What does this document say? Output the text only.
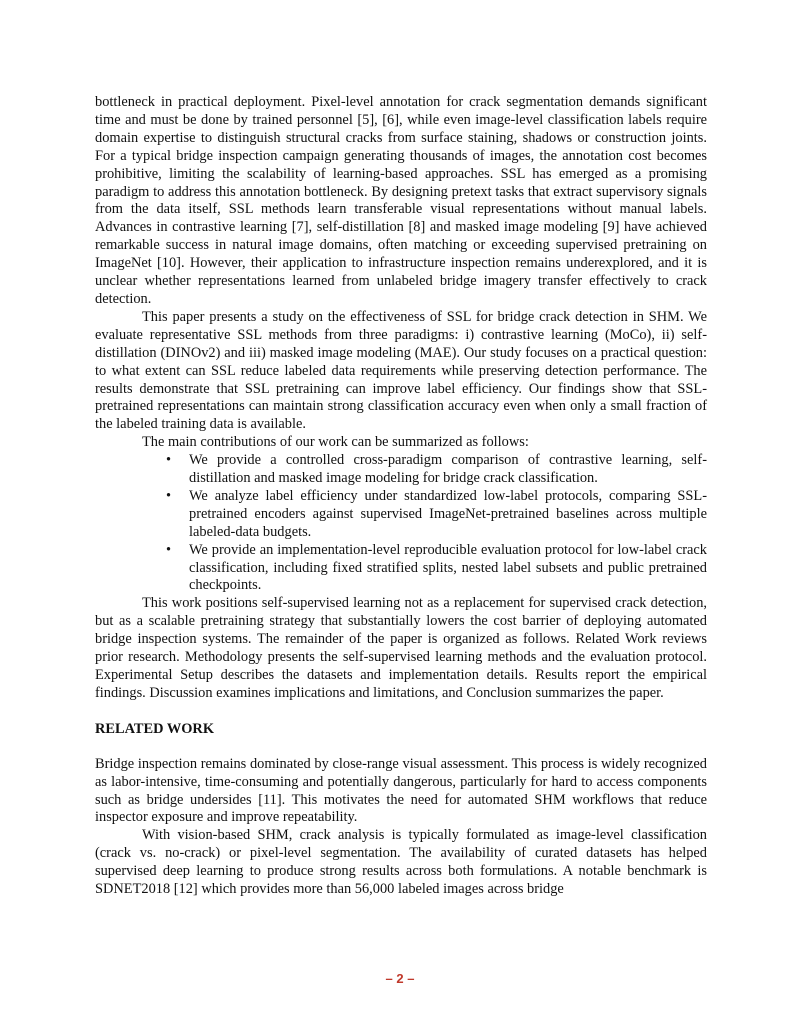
bottleneck in practical deployment. Pixel-level annotation for crack segmentation demands significant time and must be done by trained personnel [5], [6], while even image-level classification labels require domain expertise to distinguish structural cracks from surface staining, shadows or construction joints. For a typical bridge inspection campaign generating thousands of images, the annotation cost becomes prohibitive, limiting the scalability of learning-based approaches. SSL has emerged as a promising paradigm to address this annotation bottleneck. By designing pretext tasks that extract supervisory signals from the data itself, SSL methods learn transferable visual representations without manual labels. Advances in contrastive learning [7], self-distillation [8] and masked image modeling [9] have achieved remarkable success in natural image domains, often matching or exceeding supervised pretraining on ImageNet [10]. However, their application to infrastructure inspection remains underexplored, and it is unclear whether representations learned from unlabeled bridge imagery transfer effectively to crack detection.

This paper presents a study on the effectiveness of SSL for bridge crack detection in SHM. We evaluate representative SSL methods from three paradigms: i) contrastive learning (MoCo), ii) self-distillation (DINOv2) and iii) masked image modeling (MAE). Our study focuses on a practical question: to what extent can SSL reduce labeled data requirements while preserving detection performance. The results demonstrate that SSL pretraining can improve label efficiency. Our findings show that SSL-pretrained representations can maintain strong classification accuracy even when only a small fraction of the labeled training data is available.

The main contributions of our work can be summarized as follows:

• We provide a controlled cross-paradigm comparison of contrastive learning, self-distillation and masked image modeling for bridge crack classification.
• We analyze label efficiency under standardized low-label protocols, comparing SSL-pretrained encoders against supervised ImageNet-pretrained baselines across multiple labeled-data budgets.
• We provide an implementation-level reproducible evaluation protocol for low-label crack classification, including fixed stratified splits, nested label subsets and public pretrained checkpoints.

This work positions self-supervised learning not as a replacement for supervised crack detection, but as a scalable pretraining strategy that substantially lowers the cost barrier of deploying automated bridge inspection systems. The remainder of the paper is organized as follows. Related Work reviews prior research. Methodology presents the self-supervised learning methods and the evaluation protocol. Experimental Setup describes the datasets and implementation details. Results report the empirical findings. Discussion examines implications and limitations, and Conclusion summarizes the paper.

RELATED WORK

Bridge inspection remains dominated by close-range visual assessment. This process is widely recognized as labor-intensive, time-consuming and potentially dangerous, particularly for hard to access components such as bridge undersides [11]. This motivates the need for automated SHM workflows that reduce inspector exposure and improve repeatability.

With vision-based SHM, crack analysis is typically formulated as image-level classification (crack vs. no-crack) or pixel-level segmentation. The availability of curated datasets has helped supervised deep learning to produce strong results across both formulations. A notable benchmark is SDNET2018 [12] which provides more than 56,000 labeled images across bridge

– 2 –
